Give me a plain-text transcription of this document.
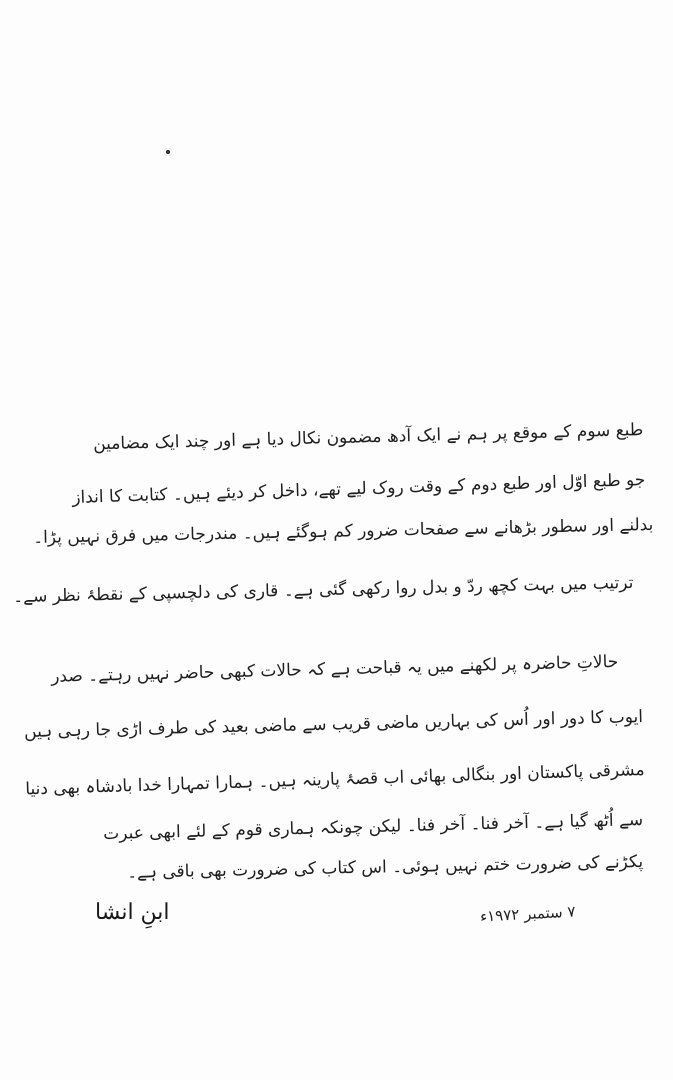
طبع سوم کے موقع پر ہم نے ایک آدھ مضمون نکال دیا ہے اور چند ایک مضامین
جو طبع اوّل اور طبع دوم کے وقت روک لیے تھے، داخل کر دیئے ہیں۔ کتابت کا انداز
بدلنے اور سطور بڑھانے سے صفحات ضرور کم ہوگئے ہیں۔ مندرجات میں فرق نہیں پڑا۔
ترتیب میں بہت کچھ ردّ و بدل روا رکھی گئی ہے۔ قاری کی دلچسپی کے نقطۂ نظر سے۔
حالاتِ حاضرہ پر لکھنے میں یہ قباحت ہے کہ حالات کبھی حاضر نہیں رہتے۔ صدر
ایوب کا دور اور اُس کی بہاریں ماضی قریب سے ماضی بعید کی طرف اڑی جا رہی ہیں
مشرقی پاکستان اور بنگالی بھائی اب قصۂ پارینہ ہیں۔ ہمارا تمہارا خدا بادشاہ بھی دنیا
سے اُٹھ گیا ہے۔ آخر فنا۔ آخر فنا۔ لیکن چونکہ ہماری قوم کے لئے ابھی عبرت
پکڑنے کی ضرورت ختم نہیں ہوئی۔ اس کتاب کی ضرورت بھی باقی ہے۔
۷ ستمبر ۱۹۷۲ء
ابنِ انشا
